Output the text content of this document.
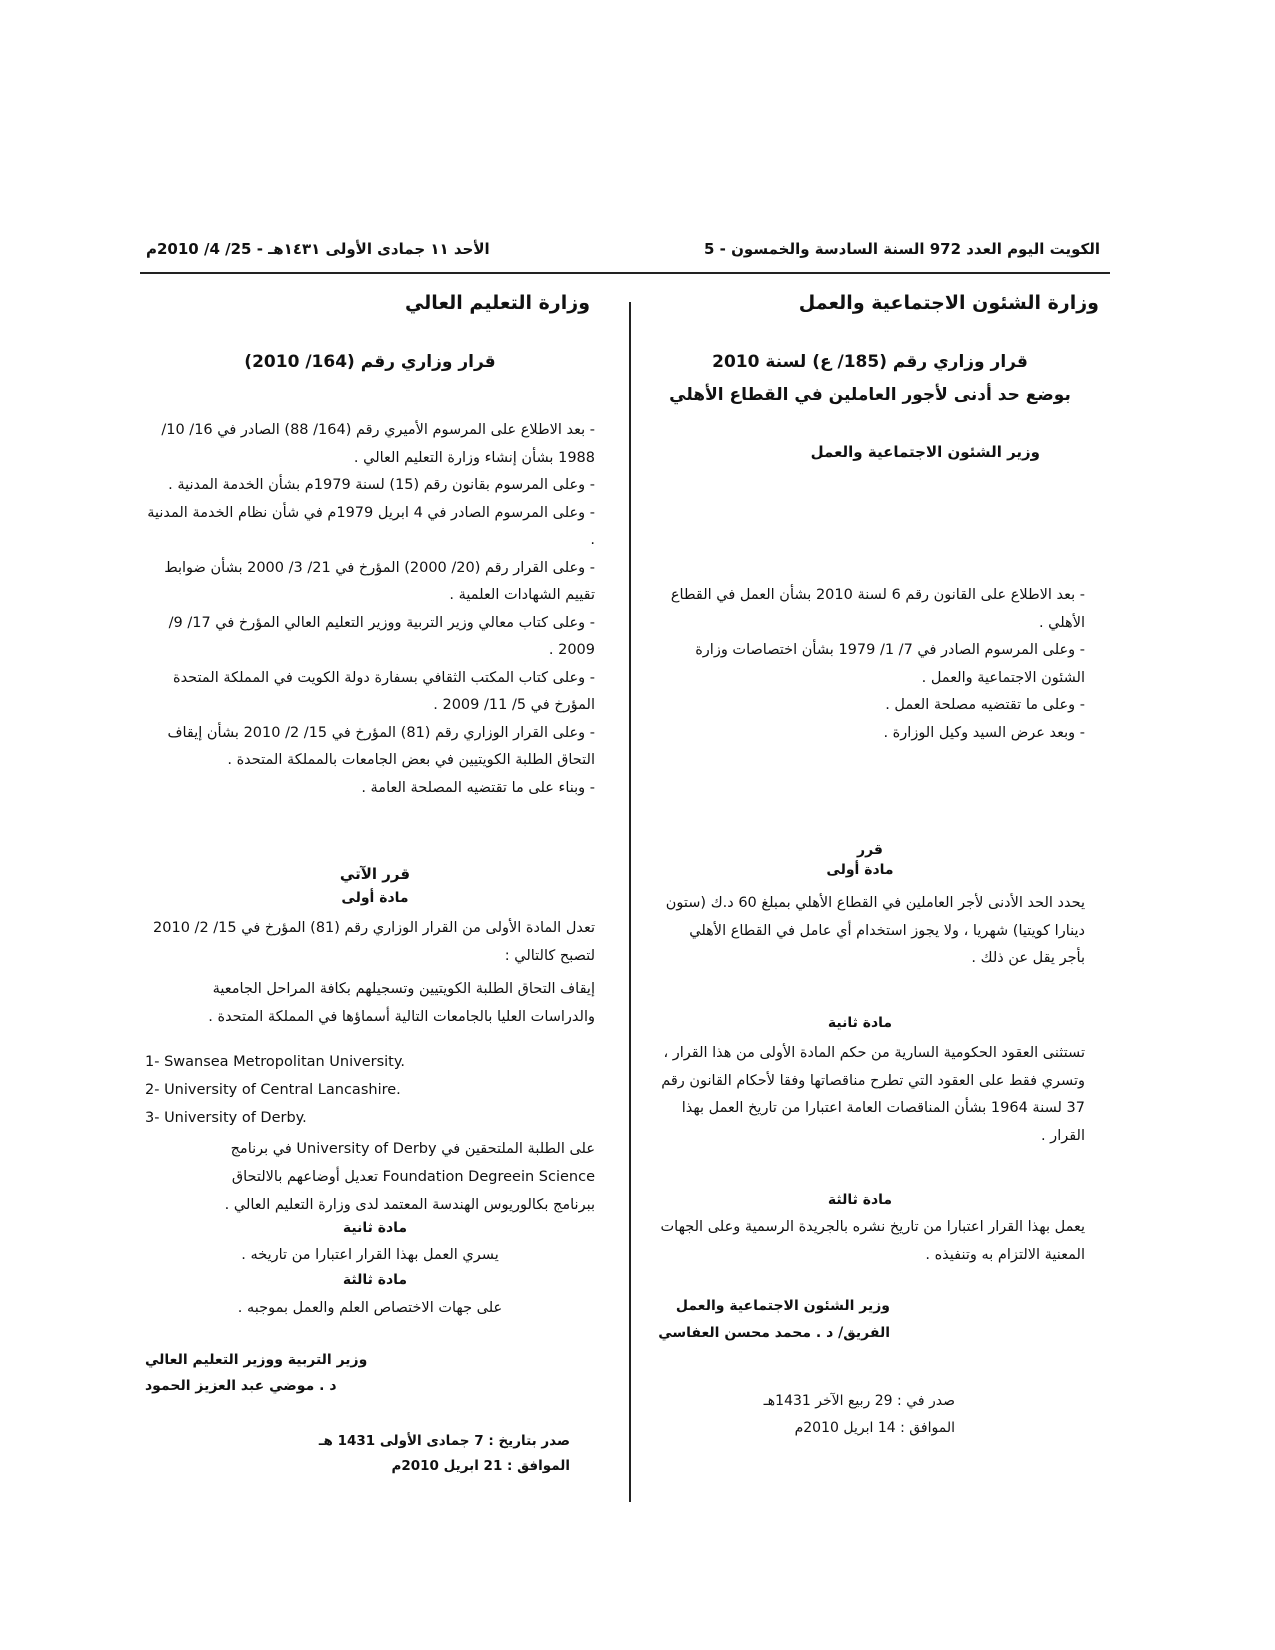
الأحد ١١ جمادى الأولى ١٤٣١هـ - 25/ 4/ 2010م	الكويت اليوم العدد 972 السنة السادسة والخمسون - 5
وزارة الشئون الاجتماعية والعمل
قرار وزاري رقم (185/ ع) لسنة 2010
بوضع حد أدنى لأجور العاملين في القطاع الأهلي
وزير الشئون الاجتماعية والعمل

- بعد الاطلاع على القانون رقم 6 لسنة 2010 بشأن العمل في القطاع الأهلي .

- وعلى المرسوم الصادر في 7/ 1/ 1979 بشأن اختصاصات وزارة الشئون الاجتماعية والعمل .

- وعلى ما تقتضيه مصلحة العمل .

- وبعد عرض السيد وكيل الوزارة .

قرر
مادة أولى

يحدد الحد الأدنى لأجر العاملين في القطاع الأهلي بمبلغ 60 د.ك (ستون دينارا كويتيا) شهريا ، ولا يجوز استخدام أي عامل في القطاع الأهلي بأجر يقل عن ذلك .

مادة ثانية

تستثنى العقود الحكومية السارية من حكم المادة الأولى من هذا القرار ، وتسري فقط على العقود التي تطرح مناقصاتها وفقا لأحكام القانون رقم 37 لسنة 1964 بشأن المناقصات العامة اعتبارا من تاريخ العمل بهذا القرار .

مادة ثالثة

يعمل بهذا القرار اعتبارا من تاريخ نشره بالجريدة الرسمية وعلى الجهات المعنية الالتزام به وتنفيذه .

وزير الشئون الاجتماعية والعمل
الفريق/ د . محمد محسن العفاسي
صدر في : 29 ربيع الآخر 1431هـ
الموافق : 14 ابريل 2010م
وزارة التعليم العالي
قرار وزاري رقم (164/ 2010)

- بعد الاطلاع على المرسوم الأميري رقم (164/ 88) الصادر في 16/ 10/ 1988 بشأن إنشاء وزارة التعليم العالي .

- وعلى المرسوم بقانون رقم (15) لسنة 1979م بشأن الخدمة المدنية .

- وعلى المرسوم الصادر في 4 ابريل 1979م في شأن نظام الخدمة المدنية .

- وعلى القرار رقم (20/ 2000) المؤرخ في 21/ 3/ 2000 بشأن ضوابط تقييم الشهادات العلمية .

- وعلى كتاب معالي وزير التربية ووزير التعليم العالي المؤرخ في 17/ 9/ 2009 .

- وعلى كتاب المكتب الثقافي بسفارة دولة الكويت في المملكة المتحدة المؤرخ في 5/ 11/ 2009 .

- وعلى القرار الوزاري رقم (81) المؤرخ في 15/ 2/ 2010 بشأن إيقاف التحاق الطلبة الكويتيين في بعض الجامعات بالمملكة المتحدة .

- وبناء على ما تقتضيه المصلحة العامة .

قرر الآتي
مادة أولى

تعدل المادة الأولى من القرار الوزاري رقم (81) المؤرخ في 15/ 2/ 2010 لتصبح كالتالي :

إيقاف التحاق الطلبة الكويتيين وتسجيلهم بكافة المراحل الجامعية والدراسات العليا بالجامعات التالية أسماؤها في المملكة المتحدة .

1- Swansea Metropolitan University.
2- University of Central Lancashire.
3- University of Derby.
على الطلبة الملتحقين في University of Derby في برنامج
Foundation Degreein Science تعديل أوضاعهم بالالتحاق
ببرنامج بكالوريوس الهندسة المعتمد لدى وزارة التعليم العالي .
مادة ثانية

يسري العمل بهذا القرار اعتبارا من تاريخه .

مادة ثالثة

على جهات الاختصاص العلم والعمل بموجبه .

وزير التربية ووزير التعليم العالي
د . موضي عبد العزيز الحمود
صدر بتاريخ : 7 جمادى الأولى 1431 هـ
الموافق : 21 ابريل 2010م
